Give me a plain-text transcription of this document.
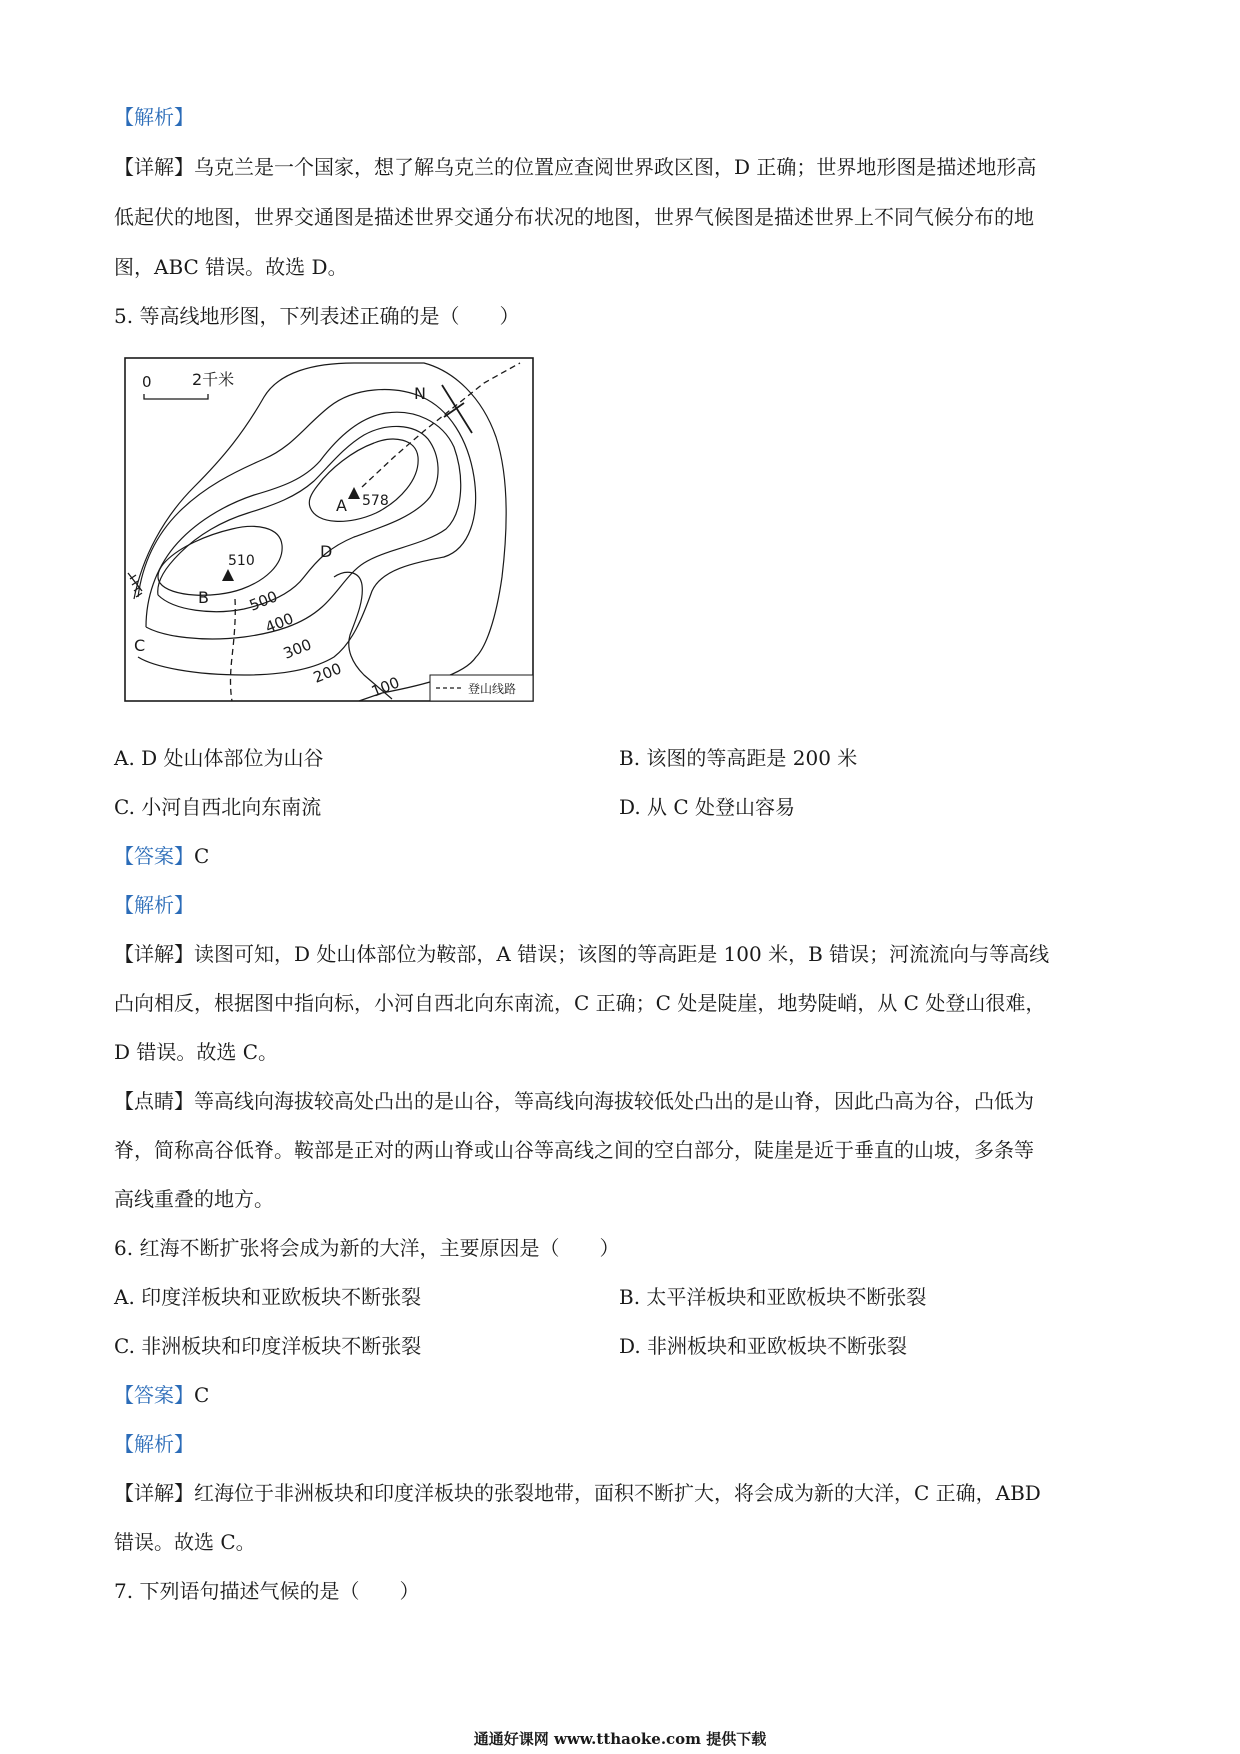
【解析】
【详解】乌克兰是一个国家，想了解乌克兰的位置应查阅世界政区图，D 正确；世界地形图是描述地形高
低起伏的地图，世界交通图是描述世界交通分布状况的地图，世界气候图是描述世界上不同气候分布的地
图，ABC 错误。故选 D。
5. 等高线地形图，下列表述正确的是（　　）
0	2千米
N
A 578
B
510
C
D
500
400
300
200
100	登山线路
A. D 处山体部位为山谷	B. 该图的等高距是 200 米
C. 小河自西北向东南流	D. 从 C 处登山容易
【答案】C
【解析】
【详解】读图可知，D 处山体部位为鞍部，A 错误；该图的等高距是 100 米，B 错误；河流流向与等高线
凸向相反，根据图中指向标，小河自西北向东南流，C 正确；C 处是陡崖，地势陡峭，从 C 处登山很难，
D 错误。故选 C。
【点睛】等高线向海拔较高处凸出的是山谷，等高线向海拔较低处凸出的是山脊，因此凸高为谷，凸低为
脊，简称高谷低脊。鞍部是正对的两山脊或山谷等高线之间的空白部分，陡崖是近于垂直的山坡，多条等
高线重叠的地方。
6. 红海不断扩张将会成为新的大洋，主要原因是（　　）
A. 印度洋板块和亚欧板块不断张裂	B. 太平洋板块和亚欧板块不断张裂
C. 非洲板块和印度洋板块不断张裂	D. 非洲板块和亚欧板块不断张裂
【答案】C
【解析】
【详解】红海位于非洲板块和印度洋板块的张裂地带，面积不断扩大，将会成为新的大洋，C 正确，ABD
错误。故选 C。
7. 下列语句描述气候的是（　　）
通通好课网 www.tthaoke.com 提供下载
